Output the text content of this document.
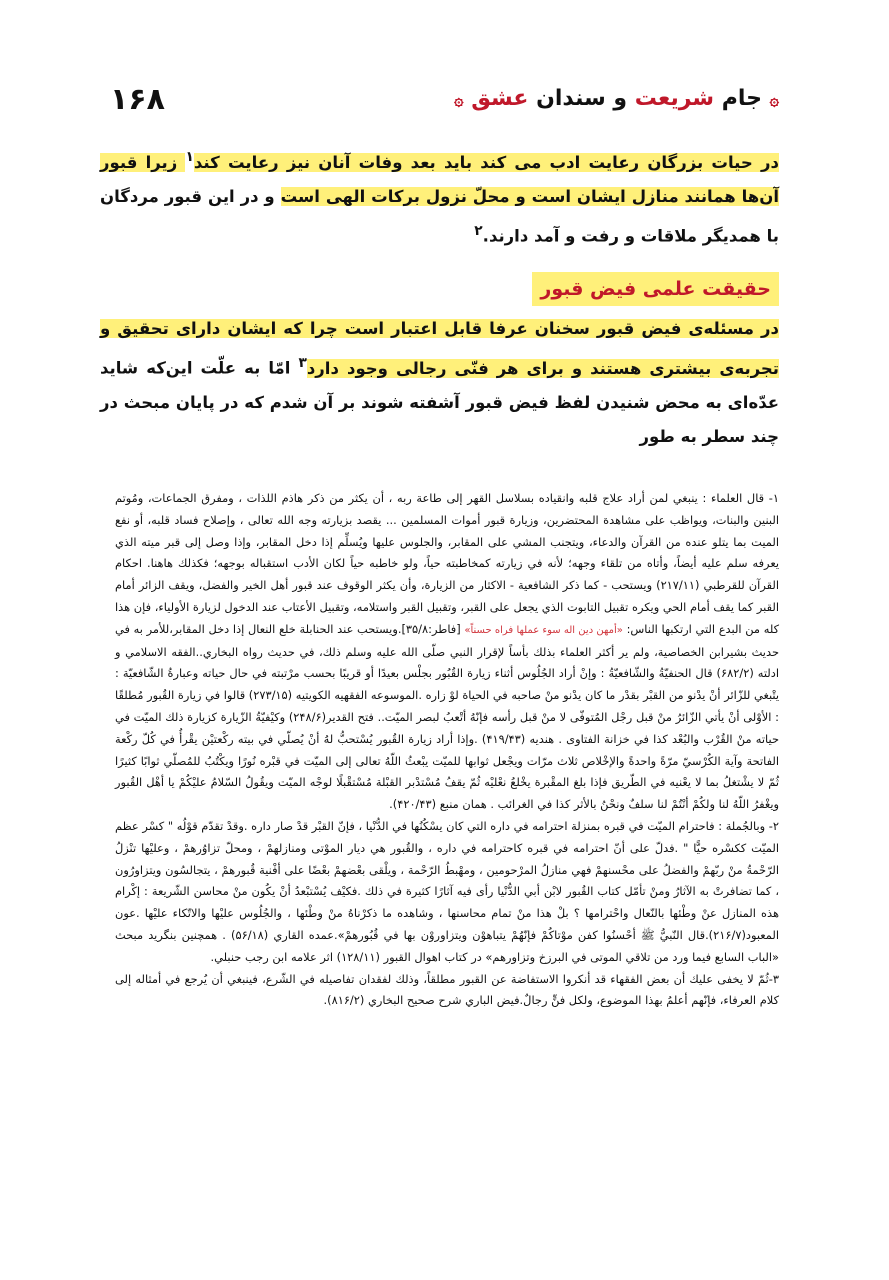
۱۶۸	۞ جام شریعت و سندان عشق ۞
در حیات بزرگان رعایت ادب می کند باید بعد وفات آنان نیز رعایت کند$^۱$ زیرا قبور آن‌ها همانند منازل ایشان است و محلّ نزول برکات الهی است و در این قبور مردگان با همدیگر ملاقات و رفت و آمد دارند.$^۲$
حقیقت علمی فیض قبور
در مسئله‌ی فیض قبور سخنان عرفا قابل اعتبار است چرا که ایشان دارای تحقیق و تجربه‌ی بیشتری هستند و برای هر فنّی رجالی وجود دارد$^۳$ امّا به علّت این‌که شاید عدّه‌ای به محض شنیدن لفظ فیض قبور آشفته شوند بر آن شدم که در پایان مبحث در چند سطر به طور

۱- قال العلماء : ينبغي لمن أراد علاج قلبه وانقياده بسلاسل القهر إلى طاعة ربه ، أن يكثر من ذكر هاذم اللذات ، ومفرق الجماعات، ومُوتم البنين والبنات، ويواظب على مشاهدة المحتضرين، وزيارة قبور أموات المسلمين ... يقصد بزيارته وجه الله تعالى ، وإصلاح فساد قلبه، أو نفع الميت بما يتلو عنده من القرآن والدعاء، ويتجنب المشي على المقابر، والجلوس عليها ويُسلِّم إذا دخل المقابر، وإذا وصل إلى قبر ميته الذي يعرفه سلم عليه أيضاً، وأتاه من تلقاء وجهه؛ لأنه في زيارته كمخاطبته حياً، ولو خاطبه حياً لكان الأدب استقباله بوجهه؛ فكذلك هاهنا. احكام القرآن للقرطبي (۲۱۷/۱۱) ويستحب - كما ذكر الشافعية - الاكثار من الزيارة، وأن يكثر الوقوف عند قبور أهل الخير والفضل، ويقف الزائر أمام القبر كما يقف أمام الحي ويكره تقبيل التابوت الذي يجعل على القبر، وتقبيل القبر واستلامه، وتقبيل الأعتاب عند الدخول لزيارة الأولياء، فإن هذا كله من البدع التي ارتكبها الناس: «أمهن دين اله سوء عملها فراه حسناً» [فاطر:۳۵/۸].ويستحب عند الحنابلة خلع النعال إذا دخل المقابر،للأمر به في حديث بشيرابن الخصاصية، ولم ير أكثر العلماء بذلك بأساً لإقرار النبي صلّى الله عليه وسلم ذلك، في حديث رواه البخاري..الفقه الاسلامي و ادلته (۶۸۲/۲) قال الحنفيّةُ والشّافعيّةُ : وإنْ أراد الجُلُوس أثناء زيارة القُبُور بجلْس بعيدًا أو قريبًا بحسب مرْتبته في حال حياته وعبارةُ الشّافعيّة : يتْبغي للزّائر أنْ يدْنو من القبْر بقدْر ما كان يدْنو منْ صاحبه في الحياة لوْ زاره .الموسوعه الفقهيه الكويتيه (۲۷۳/۱۵) قالوا في زيارة القُبور مُطلقًا : الأوْلى أنْ يأتي الزّائرُ منْ قبل رجْل المُتوفّى لا منْ قبل رأسه فإنّهُ أتْعبُ لبصر الميّت.. فتح القدير(۲۴۸/۶) وكيْفيّةُ الزّيارة كزيارة ذلك الميّت في حياته منْ القُرْب والبُعْد كذا في خزانة الفتاوى . هنديه (۴۱۹/۴۳) .وإذا أراد زيارة القُبور يُسْتحبُّ لهُ أنْ يُصلّي في بيته ركْعتيْن يقْرأُ في كُلّ ركْعة الفاتحة وآية الكُرْسيّ مرّةً واحدةً والإخْلاص ثلاث مرّات ويجْعل ثوابها للميّت يبْعثُ اللّهُ تعالى إلى الميّت في قبْره نُورًا ويكْتُبُ للمُصلّي ثوابًا كثيرًا ثُمّ لا يشْتغلُ بما لا يعْنيه في الطّريق فإذا بلغ المقْبرة يخْلعُ نعْليْه ثُمّ يقفُ مُسْتدْبر القبْلة مُسْتقْبلًا لوجْه الميّت ويقُولُ السّلامُ عليْكُمْ يا أهْل القُبور ويغْفرُ اللّهُ لنا ولكُمْ أنْتُمْ لنا سلفٌ ونحْنُ بالأثر كذا في الغرائب . همان منبع (۴۲۰/۴۳).

۲- وبالجُملة : فاحترام الميّت في قبره بمنزلة احترامه في داره التي كان يسْكُنُها في الدُّنْيا ، فإنّ القبْر قدْ صار داره .وقدْ تقدّم قوْلُه " كسْر عظم الميّت ككسْره حيًّا " .فدلّ على أنّ احترامه في قبره كاحترامه في داره ، والقُبور هي ديار الموْتى ومنازلهمْ ، ومحلّ تزاوُرهمْ ، وعليْها تنْزلُ الرّحْمةُ منْ ربّهمْ والفضلُ على محْسنهمْ فهي منازلُ المرْحومين ، ومهْبطُ الرّحْمة ، ويلْقى بعْضهمْ بعْضًا على أفْنية قُبورهمْ ، يتجالسُون ويتزاورُون ، كما تضافرتْ به الآثارُ ومنْ تأمّل كتاب القُبور لابْن أبي الدُّنْيا رأى فيه آثارًا كثيرة في ذلك .فكيْف يُسْتبْعدُ أنْ يكُون منْ محاسن الشّريعة : إكْرام هذه المنازل عنْ وطْئها بالنّعال واحْترامها ؟ بلْ هذا منْ تمام محاسنها ، وشاهده ما ذكرْناهُ منْ وطْئها ، والجُلُوس عليْها والاتّكاء عليْها .عون المعبود(۲۱۶/۷).قال النّبيُّ ﷺ أحْسنُوا كفن موْتاكُمْ فإنّهُمْ يتباهوْن ويتزاوروْن بها في قُبُورهمْ».عمده القاري (۵۶/۱۸) . همچنين بنگريد مبحث «الباب السابع فيما ورد من تلاقي الموتى في البرزخ وتزاورهم» در كتاب اهوال القبور (۱۲۸/۱۱) اثر علامه ابن رجب حنبلي.

۳-ثُمّ لا يخفى عليك أن بعض الفقهاء قد أنكروا الاستفاضة عن القبور مطلقاً، وذلك لفقدان تفاصيله في الشّرع، فينبغي أن يُرجع في أمثاله إلى كلام العرفاء، فإنّهم أعلمُ بهذا الموضوع، ولكل فنٍّ رجالٌ.فيض الباري شرح صحيح البخاري (۸۱۶/۲).
